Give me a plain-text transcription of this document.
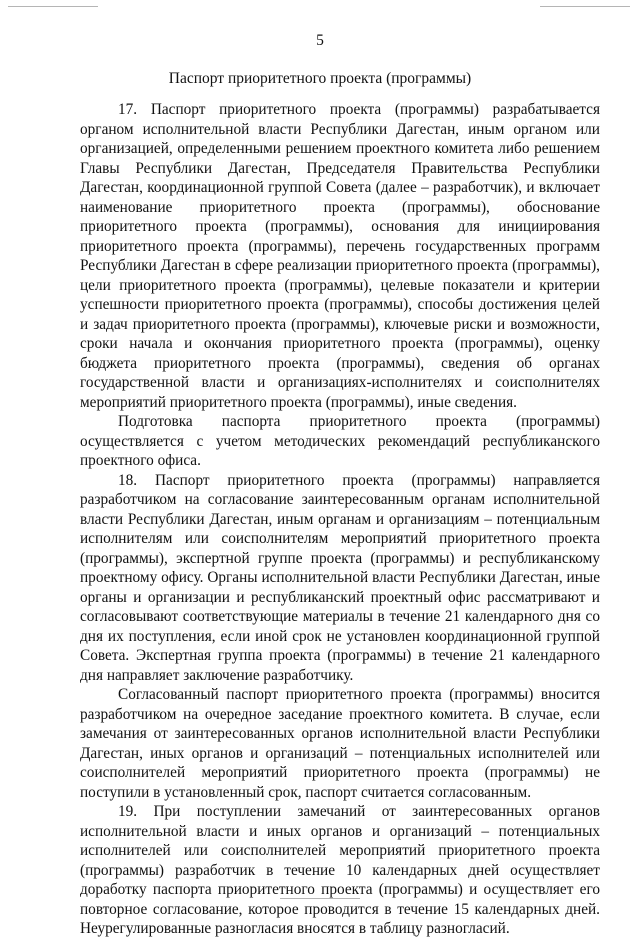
5
Паспорт приоритетного проекта (программы)

17. Паспорт приоритетного проекта (программы) разрабатывается органом исполнительной власти Республики Дагестан, иным органом или организацией, определенными решением проектного комитета либо решением Главы Республики Дагестан, Председателя Правительства Республики Дагестан, координационной группой Совета (далее – разработчик), и включает наименование приоритетного проекта (программы), обоснование приоритетного проекта (программы), основания для инициирования приоритетного проекта (программы), перечень государственных программ Республики Дагестан в сфере реализации приоритетного проекта (программы), цели приоритетного проекта (программы), целевые показатели и критерии успешности приоритетного проекта (программы), способы достижения целей и задач приоритетного проекта (программы), ключевые риски и возможности, сроки начала и окончания приоритетного проекта (программы), оценку бюджета приоритетного проекта (программы), сведения об органах государственной власти и организациях-исполнителях и соисполнителях мероприятий приоритетного проекта (программы), иные сведения.

Подготовка паспорта приоритетного проекта (программы) осуществляется с учетом методических рекомендаций республиканского проектного офиса.

18. Паспорт приоритетного проекта (программы) направляется разработчиком на согласование заинтересованным органам исполнительной власти Республики Дагестан, иным органам и организациям – потенциальным исполнителям или соисполнителям мероприятий приоритетного проекта (программы), экспертной группе проекта (программы) и республиканскому проектному офису. Органы исполнительной власти Республики Дагестан, иные органы и организации и республиканский проектный офис рассматривают и согласовывают соответствующие материалы в течение 21 календарного дня со дня их поступления, если иной срок не установлен координационной группой Совета. Экспертная группа проекта (программы) в течение 21 календарного дня направляет заключение разработчику.

Согласованный паспорт приоритетного проекта (программы) вносится разработчиком на очередное заседание проектного комитета. В случае, если замечания от заинтересованных органов исполнительной власти Республики Дагестан, иных органов и организаций – потенциальных исполнителей или соисполнителей мероприятий приоритетного проекта (программы) не поступили в установленный срок, паспорт считается согласованным.

19. При поступлении замечаний от заинтересованных органов исполнительной власти и иных органов и организаций – потенциальных исполнителей или соисполнителей мероприятий приоритетного проекта (программы) разработчик в течение 10 календарных дней осуществляет доработку паспорта приоритетного проекта (программы) и осуществляет его повторное согласование, которое проводится в течение 15 календарных дней. Неурегулированные разногласия вносятся в таблицу разногласий.
